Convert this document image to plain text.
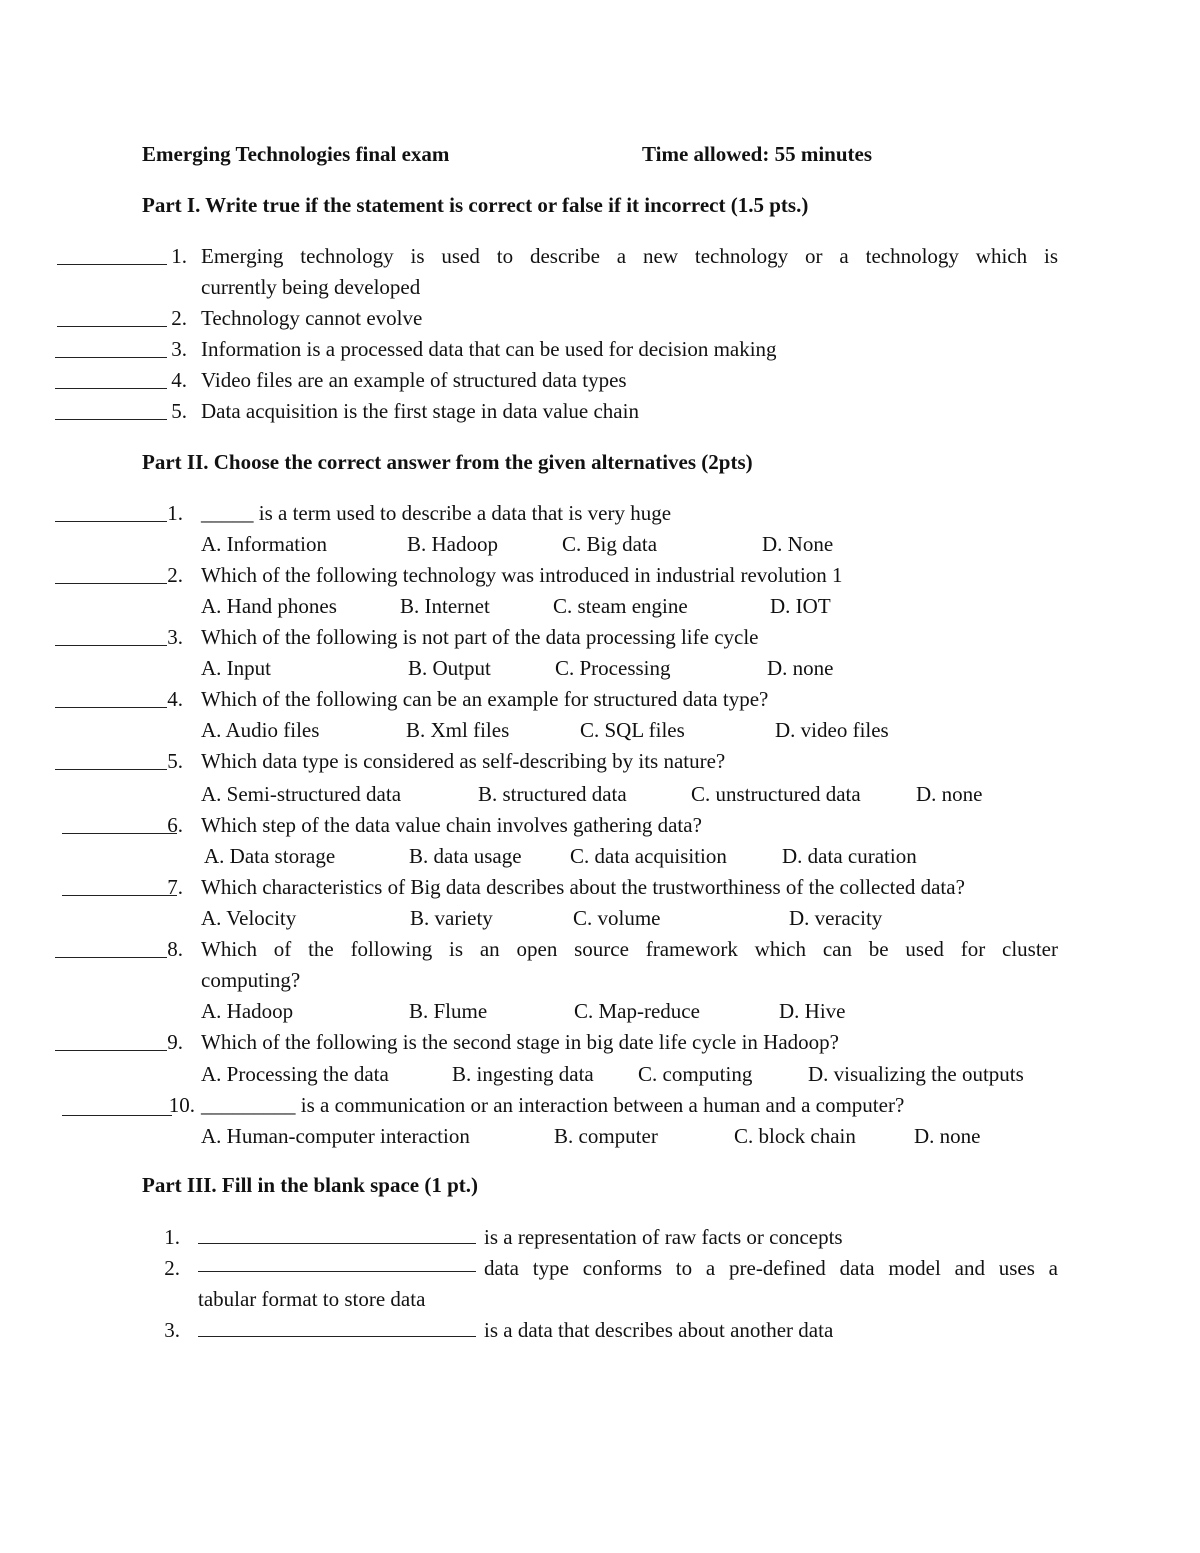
Emerging Technologies final exam	Time allowed: 55 minutes
Part I. Write true if the statement is correct or false if it incorrect (1.5 pts.)
1. Emerging technology is used to describe a new technology or a technology which is
currently being developed
2. Technology cannot evolve
3. Information is a processed data that can be used for decision making
4. Video files are an example of structured data types
5. Data acquisition is the first stage in data value chain
Part II. Choose the correct answer from the given alternatives (2pts)
1. _____ is a term used to describe a data that is very huge
A. Information	B. Hadoop	C. Big data	D. None
2. Which of the following technology was introduced in industrial revolution 1
A. Hand phones	B. Internet	C. steam engine	D. IOT
3. Which of the following is not part of the data processing life cycle
A. Input	B. Output	C. Processing	D. none
4. Which of the following can be an example for structured data type?
A. Audio files	B. Xml files	C. SQL files	D. video files
5. Which data type is considered as self-describing by its nature?
A. Semi-structured data	B. structured data	C. unstructured data	D. none
6. Which step of the data value chain involves gathering data?
A. Data storage	B. data usage C. data acquisition	D. data curation
7. Which characteristics of Big data describes about the trustworthiness of the collected data?
A. Velocity	B. variety	C. volume	D. veracity
8. Which of the following is an open source framework which can be used for cluster
computing?
A. Hadoop	B. Flume	C. Map-reduce	D. Hive
9. Which of the following is the second stage in big date life cycle in Hadoop?
A. Processing the data	B. ingesting data C. computing	D. visualizing the outputs
10. _________ is a communication or an interaction between a human and a computer?
A. Human-computer interaction	B. computer	C. block chain	D. none
Part III. Fill in the blank space (1 pt.)
1.	is a representation of raw facts or concepts
2.	data type conforms to a pre-defined data model and uses a
tabular format to store data
3.	is a data that describes about another data
